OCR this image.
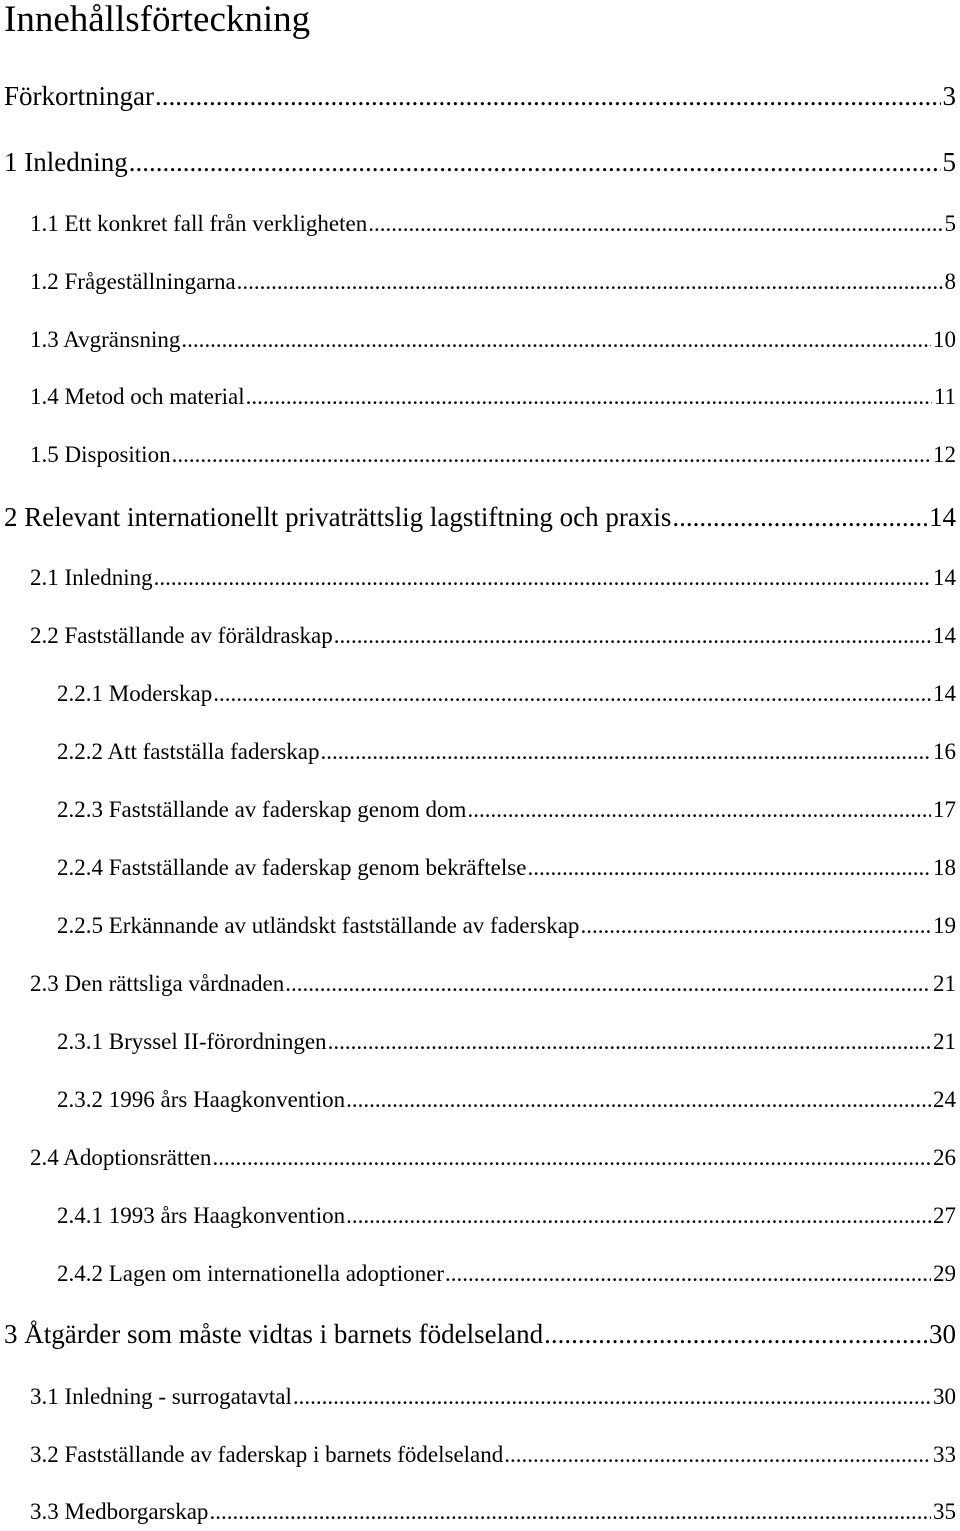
Innehållsförteckning
Förkortningar .....	3
1 Inledning .....	5
1.1 Ett konkret fall från verkligheten .....	5
1.2 Frågeställningarna .....	8
1.3 Avgränsning .....	10
1.4 Metod och material .....	11
1.5 Disposition .....	12
2 Relevant internationellt privaträttslig lagstiftning och praxis .....	14
2.1 Inledning .....	14
2.2 Fastställande av föräldraskap .....	14
2.2.1 Moderskap .....	14
2.2.2 Att fastställa faderskap .....	16
2.2.3 Fastställande av faderskap genom dom .....	17
2.2.4 Fastställande av faderskap genom bekräftelse .....	18
2.2.5 Erkännande av utländskt fastställande av faderskap .....	19
2.3 Den rättsliga vårdnaden .....	21
2.3.1 Bryssel II-förordningen .....	21
2.3.2 1996 års Haagkonvention .....	24
2.4 Adoptionsrätten .....	26
2.4.1 1993 års Haagkonvention .....	27
2.4.2 Lagen om internationella adoptioner .....	29
3 Åtgärder som måste vidtas i barnets födelseland .....	30
3.1 Inledning - surrogatavtal .....	30
3.2 Fastställande av faderskap i barnets födelseland .....	33
3.3 Medborgarskap .....	35
